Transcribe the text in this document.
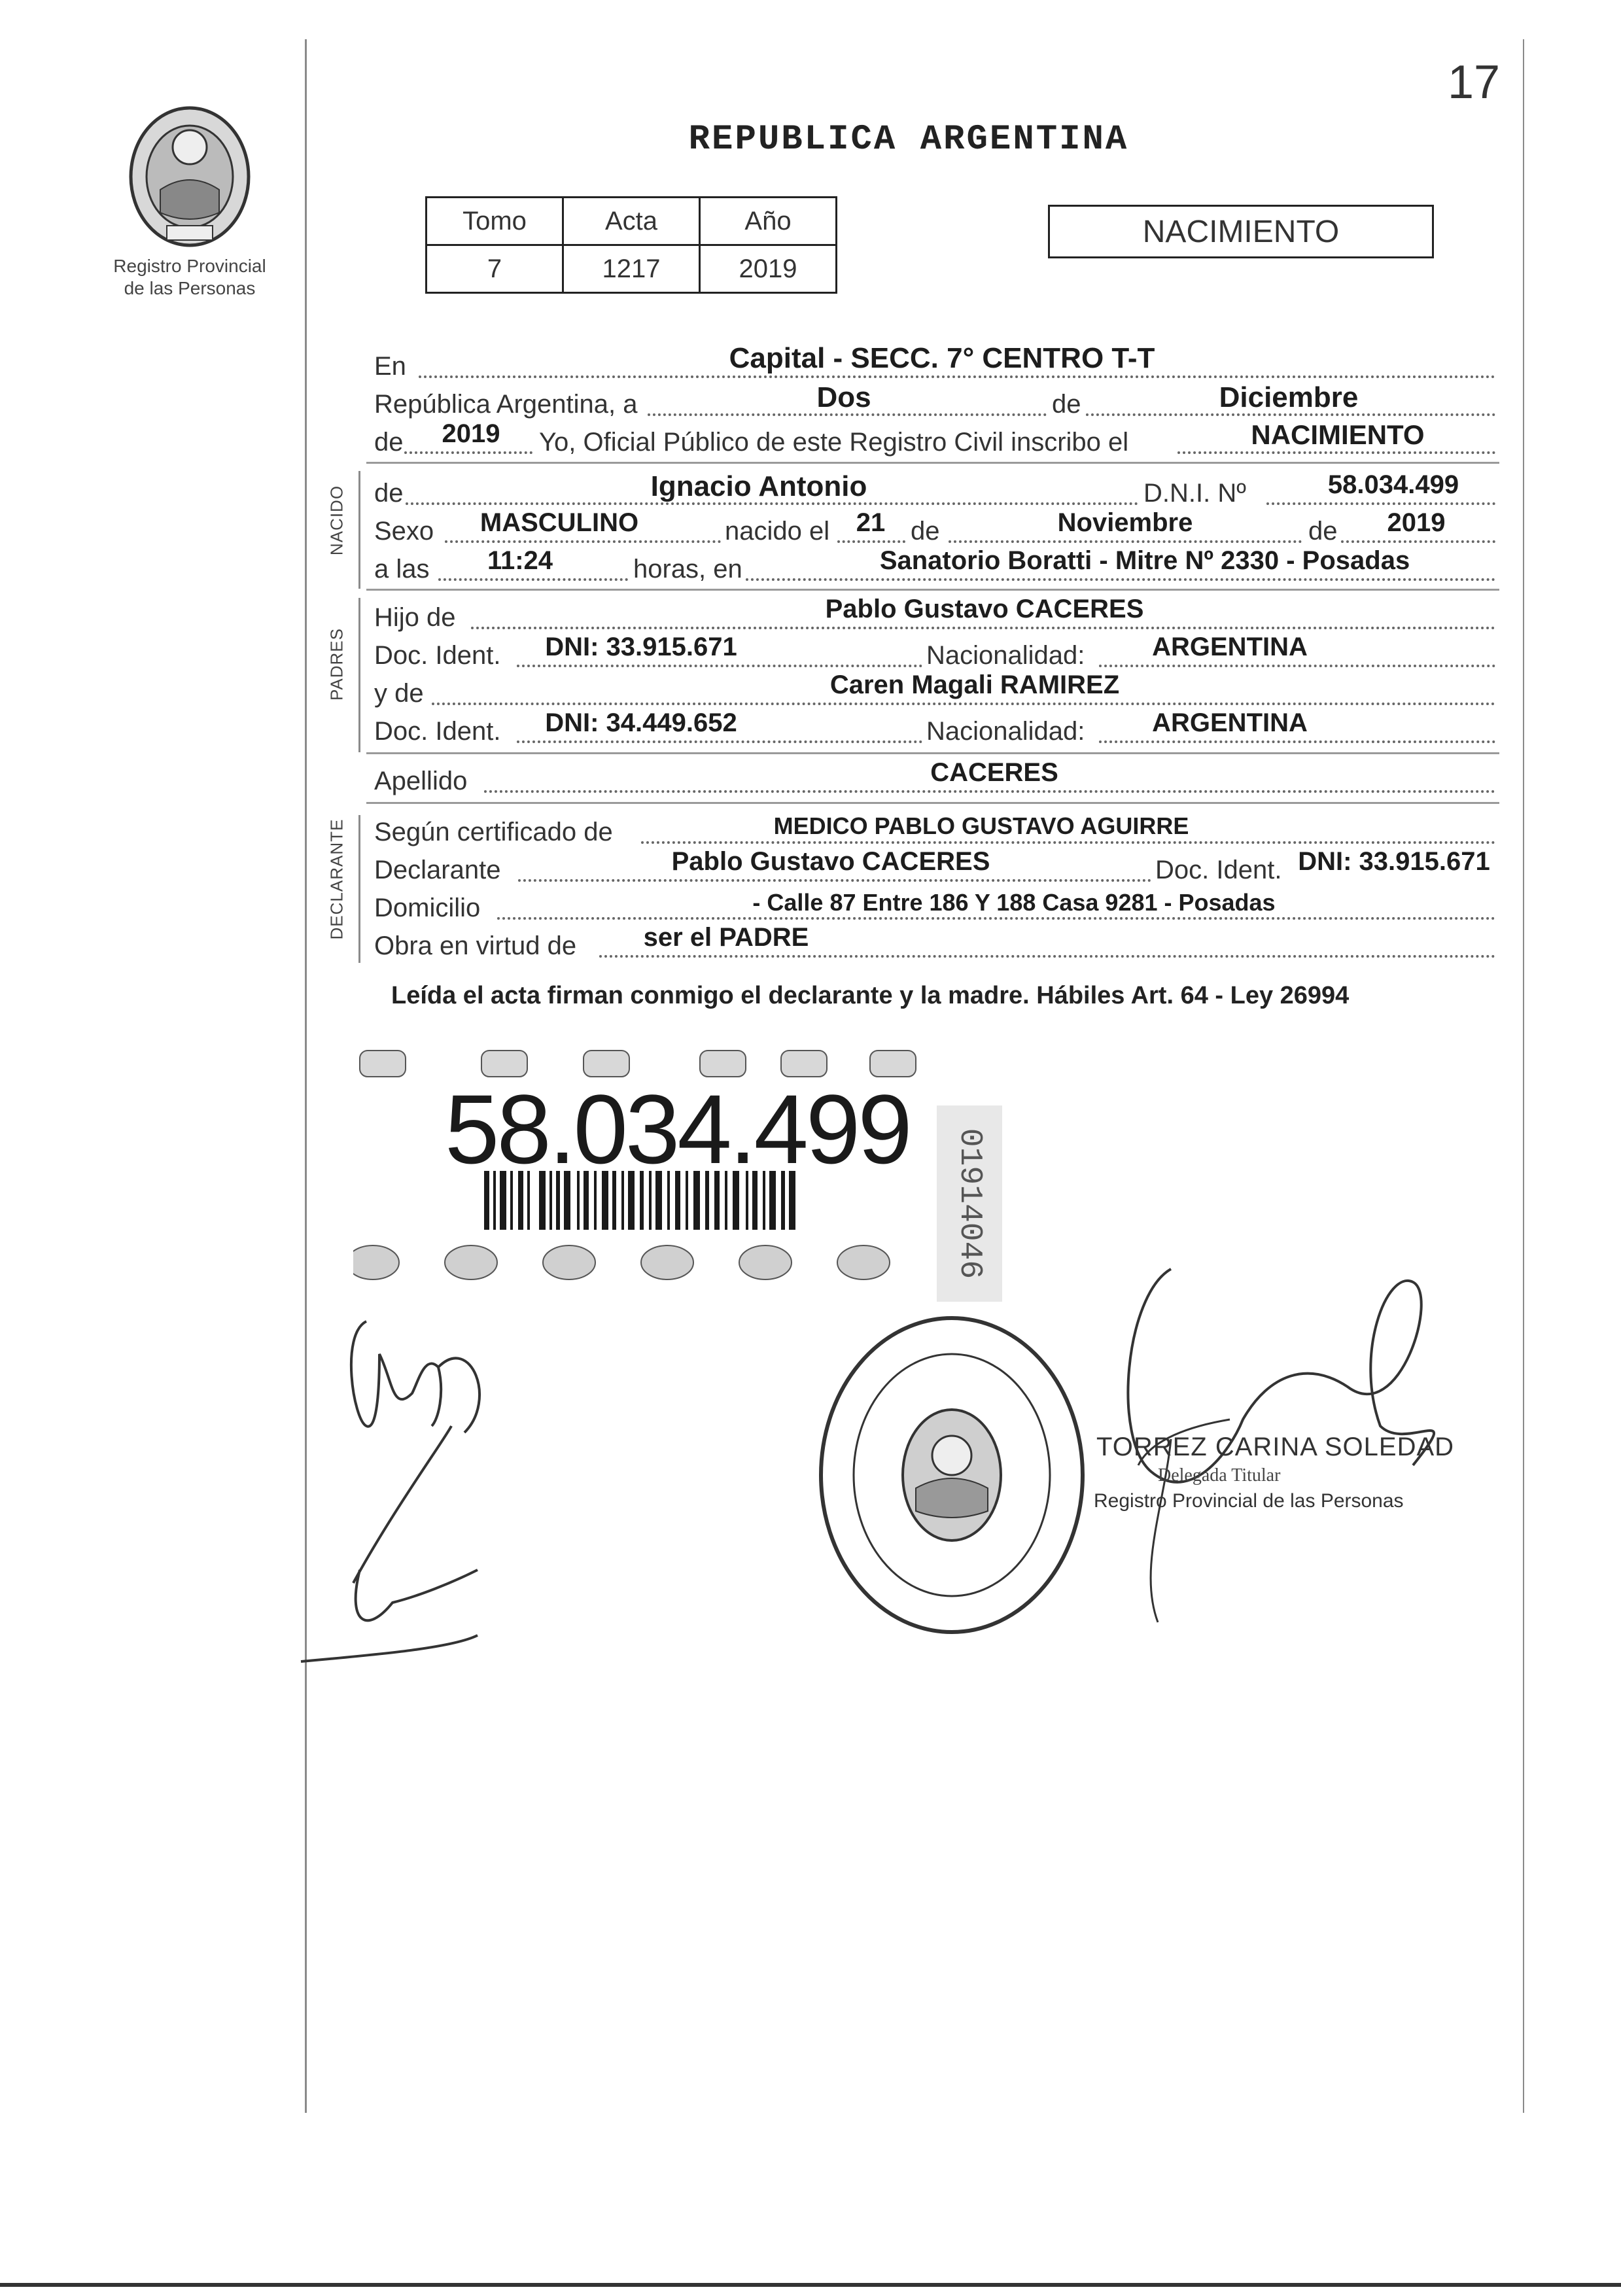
17
Registro Provincial
de las Personas
REPUBLICA ARGENTINA
Tomo	Acta	Año
7	1217	2019
NACIMIENTO
En	Capital - SECC. 7° CENTRO T-T
República Argentina, a	Dos	de	Diciembre
de	2019	Yo, Oficial Público de este Registro Civil inscribo el	NACIMIENTO
NACIDO de	Ignacio Antonio	D.N.I. Nº	58.034.499
Sexo	MASCULINO	nacido el	21 de	Noviembre	de	2019
a las	11:24	horas, en	Sanatorio Boratti - Mitre Nº 2330 - Posadas
PADRES
Hijo de	Pablo Gustavo CACERES
Doc. Ident.	DNI: 33.915.671	Nacionalidad:	ARGENTINA
y de	Caren Magali RAMIREZ
Doc. Ident.	DNI: 34.449.652	Nacionalidad:	ARGENTINA
Apellido	CACERES
DECLARANTE Según certificado de	MEDICO PABLO GUSTAVO AGUIRRE
Declarante	Pablo Gustavo CACERES	Doc. Ident. DNI: 33.915.671
Domicilio	- Calle 87 Entre 186 Y 188 Casa 9281 - Posadas
Obra en virtud de	ser el PADRE
Leída el acta firman conmigo el declarante y la madre. Hábiles Art. 64 - Ley 26994
58.034.499 01914046
TORREZ CARINA SOLEDAD
Delegada Titular
Registro Provincial de las Personas
